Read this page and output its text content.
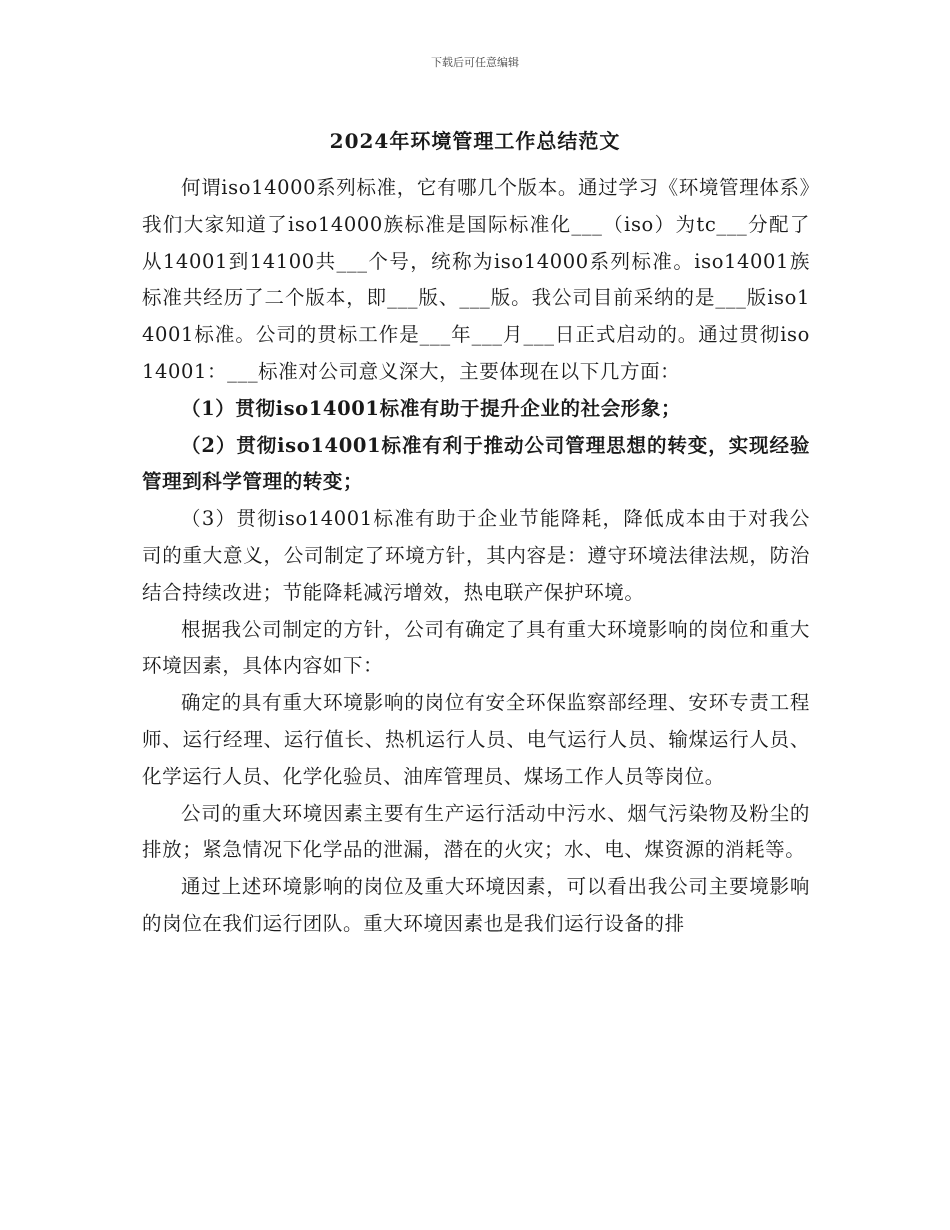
下载后可任意编辑
2024年环境管理工作总结范文

何谓iso14000系列标准，它有哪几个版本。通过学习《环境管理体系》我们大家知道了iso14000族标准是国际标准化___（iso）为tc___分配了从14001到14100共___个号，统称为iso14000系列标准。iso14001族标准共经历了二个版本，即___版、___版。我公司目前采纳的是___版iso14001标准。公司的贯标工作是___年___月___日正式启动的。通过贯彻iso14001：___标准对公司意义深大，主要体现在以下几方面：

（1）贯彻iso14001标准有助于提升企业的社会形象；

（2）贯彻iso14001标准有利于推动公司管理思想的转变，实现经验管理到科学管理的转变；

（3）贯彻iso14001标准有助于企业节能降耗，降低成本由于对我公司的重大意义，公司制定了环境方针，其内容是：遵守环境法律法规，防治结合持续改进；节能降耗减污增效，热电联产保护环境。

根据我公司制定的方针，公司有确定了具有重大环境影响的岗位和重大环境因素，具体内容如下：

确定的具有重大环境影响的岗位有安全环保监察部经理、安环专责工程师、运行经理、运行值长、热机运行人员、电气运行人员、输煤运行人员、化学运行人员、化学化验员、油库管理员、煤场工作人员等岗位。

公司的重大环境因素主要有生产运行活动中污水、烟气污染物及粉尘的排放；紧急情况下化学品的泄漏，潜在的火灾；水、电、煤资源的消耗等。

通过上述环境影响的岗位及重大环境因素，可以看出我公司主要境影响的岗位在我们运行团队。重大环境因素也是我们运行设备的排
